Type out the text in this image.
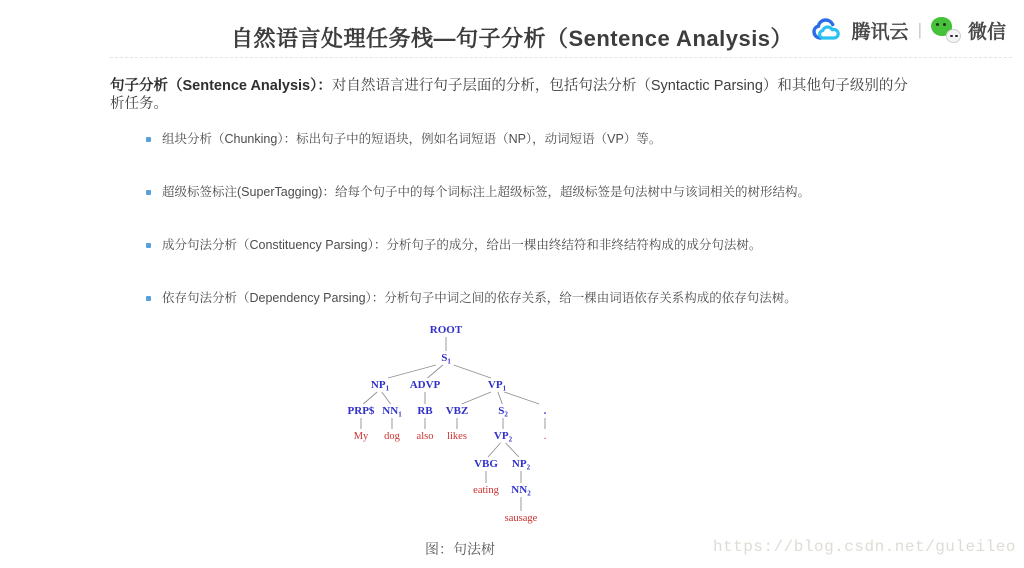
自然语言处理任务栈—句子分析（Sentence Analysis）	腾讯云 | 微信
句子分析（Sentence Analysis）：对自然语言进行句子层面的分析，包括句法分析（Syntactic Parsing）和其他句子级别的分析任务。
组块分析（Chunking）：标出句子中的短语块，例如名词短语（NP），动词短语（VP）等。
超级标签标注(SuperTagging)：给每个句子中的每个词标注上超级标签，超级标签是句法树中与该词相关的树形结构。
成分句法分析（Constituency Parsing）：分析句子的成分，给出一棵由终结符和非终结符构成的成分句法树。
依存句法分析（Dependency Parsing）：分析句子中词之间的依存关系，给一棵由词语依存关系构成的依存句法树。
ROOT
$S_1$
$NP_1$ ADVP	$VP_1$
PRP$ $NN_1$ RB VBZ	$S_2$	.
My dog also likes $VP_2$	.
VBG $NP_2$
eating $NN_2$
sausage
图：句法树	https://blog.csdn.net/guleileo
